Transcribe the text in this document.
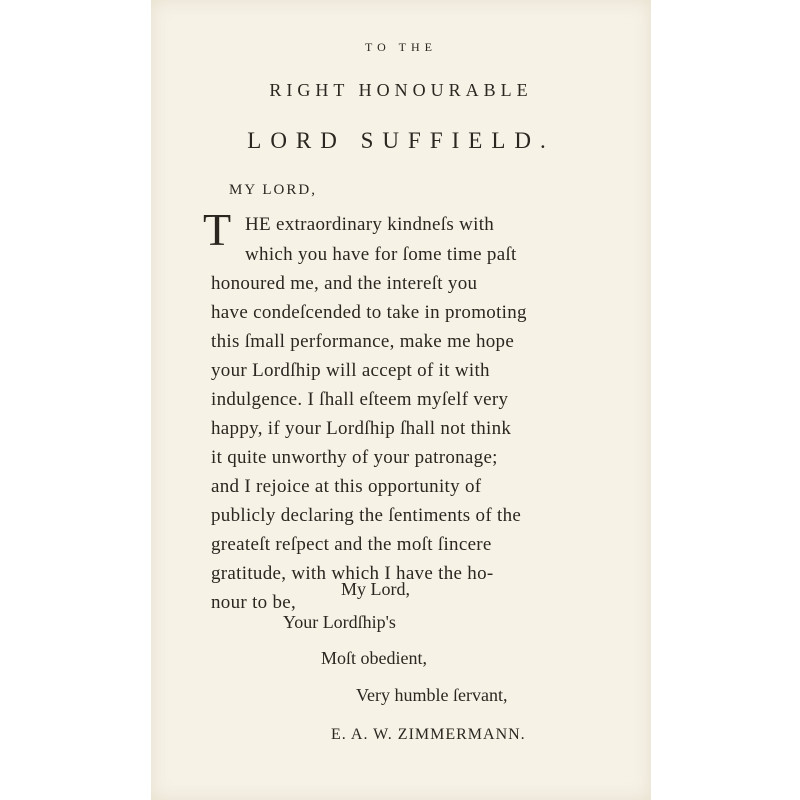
TO THE
RIGHT HONOURABLE
LORD SUFFIELD.
MY LORD,
T HE extraordinary kindneſs with
which you have for ſome time paſt
honoured me, and the intereſt you
have condeſcended to take in promoting
this ſmall performance, make me hope
your Lordſhip will accept of it with
indulgence. I ſhall eſteem myſelf very
happy, if your Lordſhip ſhall not think
it quite unworthy of your patronage;
and I rejoice at this opportunity of
publicly declaring the ſentiments of the
greateſt reſpect and the moſt ſincere
gratitude, with which I have the ho-
nour to be,
My Lord,
Your Lordſhip's
Moſt obedient,
Very humble ſervant,
E. A. W. ZIMMERMANN.
